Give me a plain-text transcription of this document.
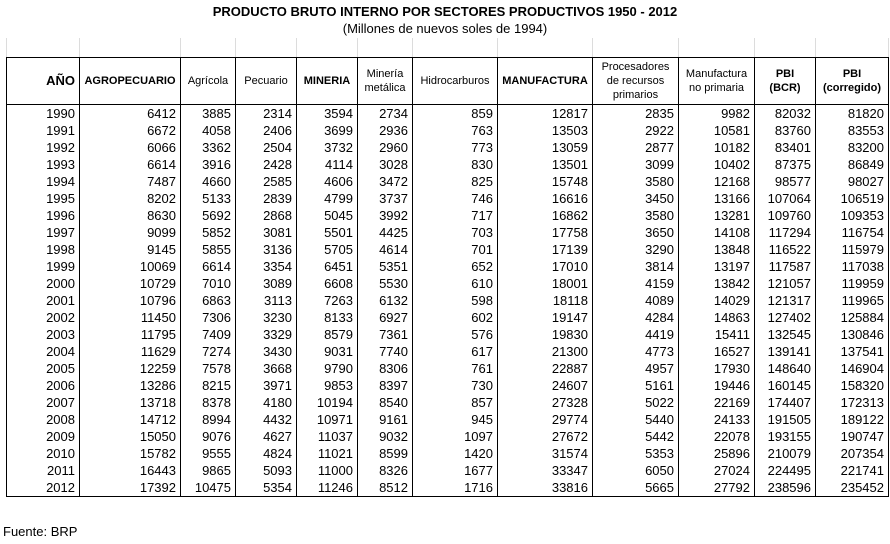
PRODUCTO BRUTO INTERNO POR SECTORES PRODUCTIVOS 1950 - 2012
(Millones de nuevos soles de 1994)
AÑO	AGROPECUARIO	Agrícola	Pecuario	MINERIA	Minería metálica	Hidrocarburos	MANUFACTURA	Procesadores de recursos primarios	Manufactura no primaria	PBI (BCR)	PBI (corregido)
1990	6412	3885	2314	3594	2734	859	12817	2835	9982	82032	81820
1991	6672	4058	2406	3699	2936	763	13503	2922	10581	83760	83553
1992	6066	3362	2504	3732	2960	773	13059	2877	10182	83401	83200
1993	6614	3916	2428	4114	3028	830	13501	3099	10402	87375	86849
1994	7487	4660	2585	4606	3472	825	15748	3580	12168	98577	98027
1995	8202	5133	2839	4799	3737	746	16616	3450	13166	107064	106519
1996	8630	5692	2868	5045	3992	717	16862	3580	13281	109760	109353
1997	9099	5852	3081	5501	4425	703	17758	3650	14108	117294	116754
1998	9145	5855	3136	5705	4614	701	17139	3290	13848	116522	115979
1999	10069	6614	3354	6451	5351	652	17010	3814	13197	117587	117038
2000	10729	7010	3089	6608	5530	610	18001	4159	13842	121057	119959
2001	10796	6863	3113	7263	6132	598	18118	4089	14029	121317	119965
2002	11450	7306	3230	8133	6927	602	19147	4284	14863	127402	125884
2003	11795	7409	3329	8579	7361	576	19830	4419	15411	132545	130846
2004	11629	7274	3430	9031	7740	617	21300	4773	16527	139141	137541
2005	12259	7578	3668	9790	8306	761	22887	4957	17930	148640	146904
2006	13286	8215	3971	9853	8397	730	24607	5161	19446	160145	158320
2007	13718	8378	4180	10194	8540	857	27328	5022	22169	174407	172313
2008	14712	8994	4432	10971	9161	945	29774	5440	24133	191505	189122
2009	15050	9076	4627	11037	9032	1097	27672	5442	22078	193155	190747
2010	15782	9555	4824	11021	8599	1420	31574	5353	25896	210079	207354
2011	16443	9865	5093	11000	8326	1677	33347	6050	27024	224495	221741
2012	17392	10475	5354	11246	8512	1716	33816	5665	27792	238596	235452
Fuente: BRP
